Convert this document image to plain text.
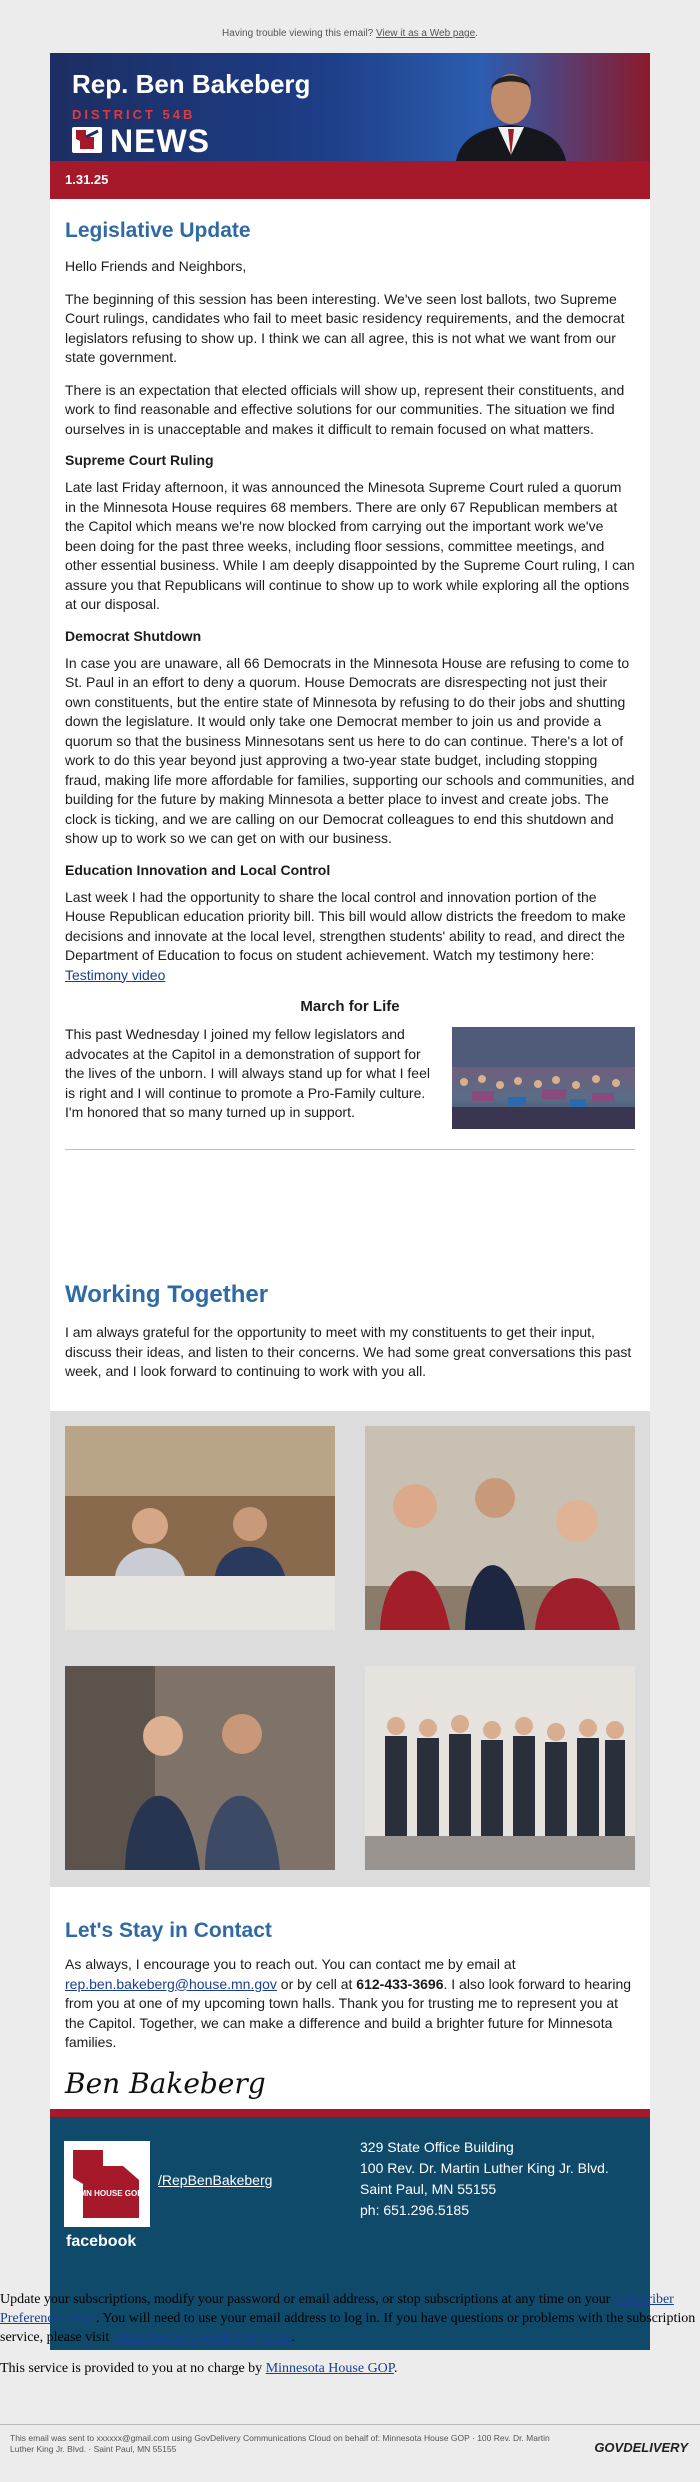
Having trouble viewing this email? View it as a Web page.
Rep. Ben Bakeberg
DISTRICT 54B
NEWS
1.31.25
Legislative Update

Hello Friends and Neighbors,

The beginning of this session has been interesting. We've seen lost ballots, two Supreme Court rulings, candidates who fail to meet basic residency requirements, and the democrat legislators refusing to show up. I think we can all agree, this is not what we want from our state government.

There is an expectation that elected officials will show up, represent their constituents, and work to find reasonable and effective solutions for our communities. The situation we find ourselves in is unacceptable and makes it difficult to remain focused on what matters.

Supreme Court Ruling

Late last Friday afternoon, it was announced the Minesota Supreme Court ruled a quorum in the Minnesota House requires 68 members. There are only 67 Republican members at the Capitol which means we're now blocked from carrying out the important work we've been doing for the past three weeks, including floor sessions, committee meetings, and other essential business. While I am deeply disappointed by the Supreme Court ruling, I can assure you that Republicans will continue to show up to work while exploring all the options at our disposal.

Democrat Shutdown

In case you are unaware, all 66 Democrats in the Minnesota House are refusing to come to St. Paul in an effort to deny a quorum. House Democrats are disrespecting not just their own constituents, but the entire state of Minnesota by refusing to do their jobs and shutting down the legislature. It would only take one Democrat member to join us and provide a quorum so that the business Minnesotans sent us here to do can continue. There's a lot of work to do this year beyond just approving a two-year state budget, including stopping fraud, making life more affordable for families, supporting our schools and communities, and building for the future by making Minnesota a better place to invest and create jobs. The clock is ticking, and we are calling on our Democrat colleagues to end this shutdown and show up to work so we can get on with our business.

Education Innovation and Local Control

Last week I had the opportunity to share the local control and innovation portion of the House Republican education priority bill. This bill would allow districts the freedom to make decisions and innovate at the local level, strengthen students' ability to read, and direct the Department of Education to focus on student achievement. Watch my testimony here: Testimony video

March for Life

This past Wednesday I joined my fellow legislators and advocates at the Capitol in a demonstration of support for the lives of the unborn. I will always stand up for what I feel is right and I will continue to promote a Pro-Family culture. I'm honored that so many turned up in support.

Working Together

I am always grateful for the opportunity to meet with my constituents to get their input, discuss their ideas, and listen to their concerns. We had some great conversations this past week, and I look forward to continuing to work with you all.

Let's Stay in Contact

As always, I encourage you to reach out. You can contact me by email at rep.ben.bakeberg@house.mn.gov or by cell at 612-433-3696. I also look forward to hearing from you at one of my upcoming town halls. Thank you for trusting me to represent you at the Capitol. Together, we can make a difference and build a brighter future for Minnesota families.

Ben Bakeberg
MN HOUSE GOP
/RepBenBakeberg
facebook
329 State Office Building
100 Rev. Dr. Martin Luther King Jr. Blvd.
Saint Paul, MN 55155
ph: 651.296.5185

Update your subscriptions, modify your password or email address, or stop subscriptions at any time on your Subscriber Preferences Page. You will need to use your email address to log in. If you have questions or problems with the subscription service, please visit subscriberhelp.govdelivery.com.

This service is provided to you at no charge by Minnesota House GOP.

This email was sent to xxxxxx@gmail.com using GovDelivery Communications Cloud on behalf of: Minnesota House GOP · 100 Rev. Dr. Martin Luther King Jr. Blvd. · Saint Paul, MN 55155	GOVDELIVERY
